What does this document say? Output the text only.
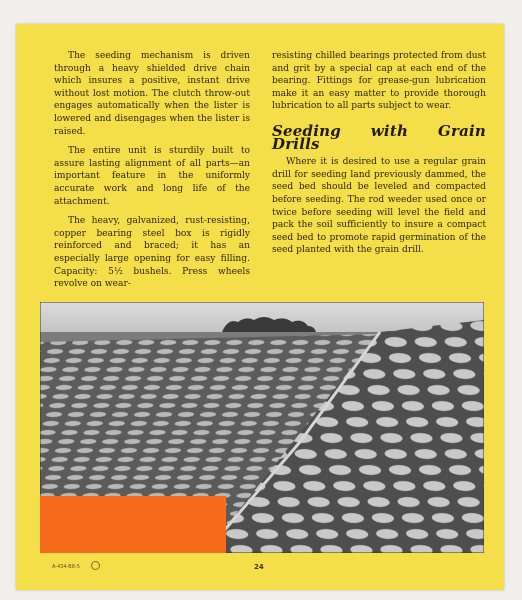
The seeding mechanism is driven through a heavy shielded drive chain which insures a positive, instant drive without lost motion. The clutch throw-out engages automatically when the lister is lowered and disengages when the lister is raised.

The entire unit is sturdily built to assure lasting alignment of all parts—an important feature in the uniformly accurate work and long life of the attachment.

The heavy, galvanized, rust-resisting, copper bearing steel box is rigidly reinforced and braced; it has an especially large opening for easy filling. Capacity: 5½ bushels. Press wheels revolve on wear-

resisting chilled bearings protected from dust and grit by a special cap at each end of the bearing. Fittings for grease-gun lubrication make it an easy matter to provide thorough lubrication to all parts subject to wear.

Seeding with Grain Drills

Where it is desired to use a regular grain drill for seeding land previously dammed, the seed bed should be leveled and compacted before seeding. The rod weeder used once or twice before seeding will level the field and pack the soil sufficiently to insure a compact seed bed to promote rapid germination of the seed planted with the grain drill.

A-434-B8-5	24
